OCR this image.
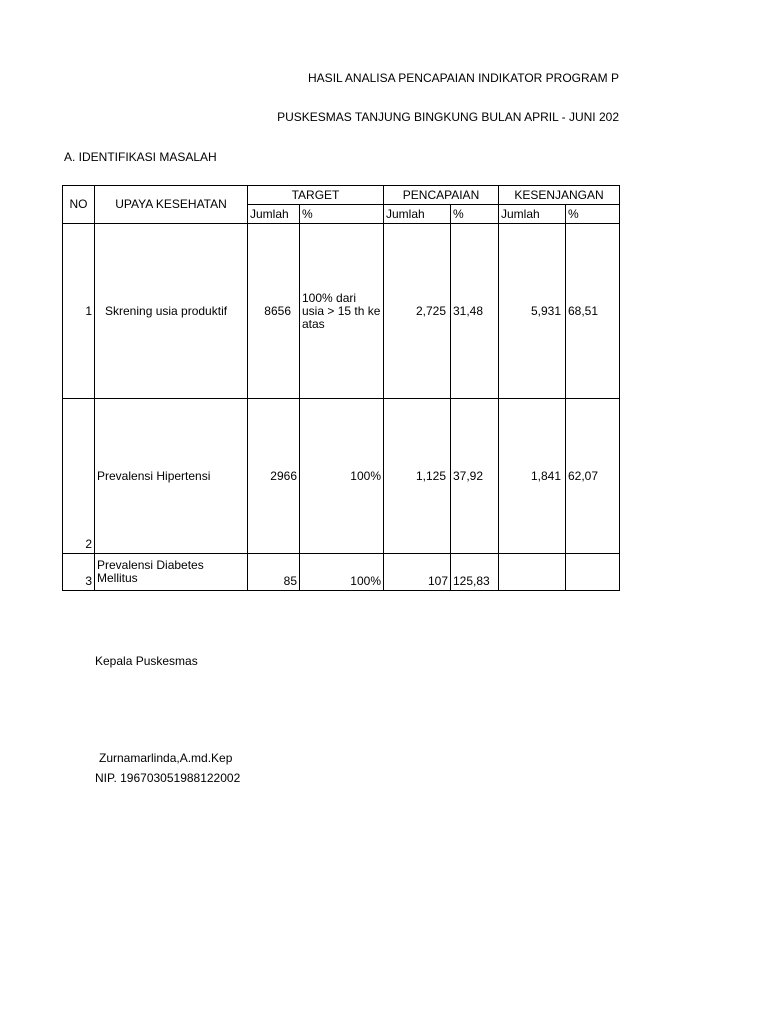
HASIL ANALISA PENCAPAIAN INDIKATOR PROGRAM P
PUSKESMAS TANJUNG BINGKUNG BULAN APRIL - JUNI 202
A. IDENTIFIKASI MASALAH
NO	UPAYA KESEHATAN	TARGET		PENCAPAIAN		KESENJANGAN	
		Jumlah	%	Jumlah	%	Jumlah	%
1	Skrening usia produktif	8656	100% dari usia > 15 th ke atas	2,725	31,48	5,931	68,51
2	Prevalensi Hipertensi	2966	100%	1,125	37,92	1,841	62,07
3	Prevalensi Diabetes Mellitus	85	100%	107	125,83		
Kepala Puskesmas
Zurnamarlinda,A.md.Kep
NIP. 196703051988122002
